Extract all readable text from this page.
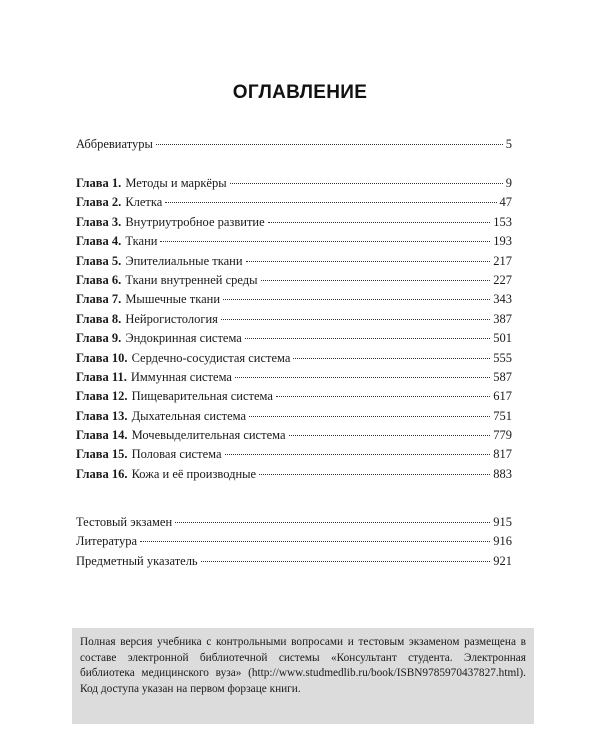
ОГЛАВЛЕНИЕ
Аббревиатуры	5
Глава 1. Методы и маркёры	9
Глава 2. Клетка	47
Глава 3. Внутриутробное развитие	153
Глава 4. Ткани	193
Глава 5. Эпителиальные ткани	217
Глава 6. Ткани внутренней среды	227
Глава 7. Мышечные ткани	343
Глава 8. Нейрогистология	387
Глава 9. Эндокринная система	501
Глава 10. Сердечно-сосудистая система	555
Глава 11. Иммунная система	587
Глава 12. Пищеварительная система	617
Глава 13. Дыхательная система	751
Глава 14. Мочевыделительная система	779
Глава 15. Половая система	817
Глава 16. Кожа и её производные	883
Тестовый экзамен	915
Литература	916
Предметный указатель	921
Полная версия учебника с контрольными вопросами и тестовым экзаменом размещена в составе электронной библиотечной системы «Консультант студента. Электронная библиотека медицинского вуза» (http://www.studmedlib.ru/book/ISBN9785970437827.html). Код доступа указан на первом форзаце книги.
